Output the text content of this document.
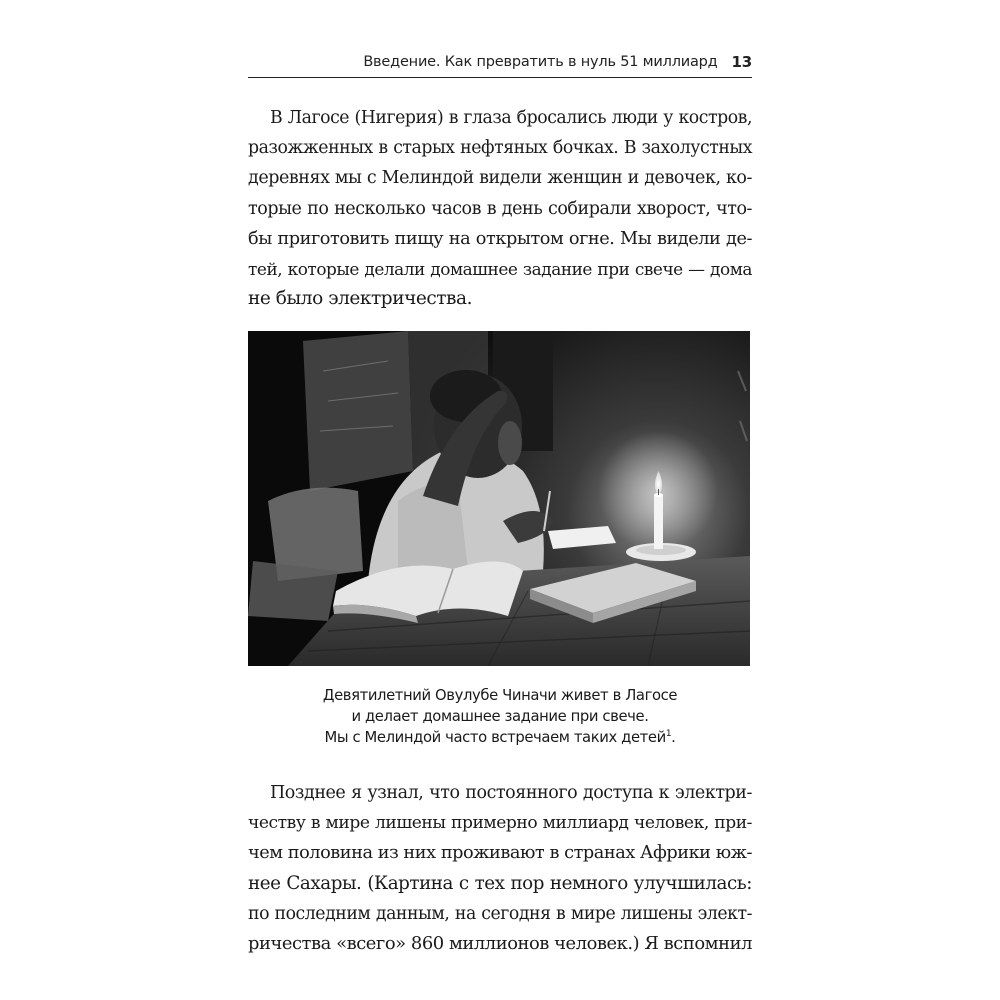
Введение. Как превратить в нуль 51 миллиард 13

В Лагосе (Нигерия) в глаза бросались люди у костров,
разожженных в старых нефтяных бочках. В захолустных
деревнях мы с Мелиндой видели женщин и девочек, ко-
торые по несколько часов в день собирали хворост, что-
бы приготовить пищу на открытом огне. Мы видели де-
тей, которые делали домашнее задание при свече — дома
не было электричества.

Девятилетний Овулубе Чиначи живет в Лагосе
и делает домашнее задание при свече.
Мы с Мелиндой часто встречаем таких детей$^1$.

Позднее я узнал, что постоянного доступа к электри-
честву в мире лишены примерно миллиард человек, при-
чем половина из них проживают в странах Африки юж-
нее Сахары. (Картина с тех пор немного улучшилась:
по последним данным, на сегодня в мире лишены элект-
ричества «всего» 860 миллионов человек.) Я вспомнил
